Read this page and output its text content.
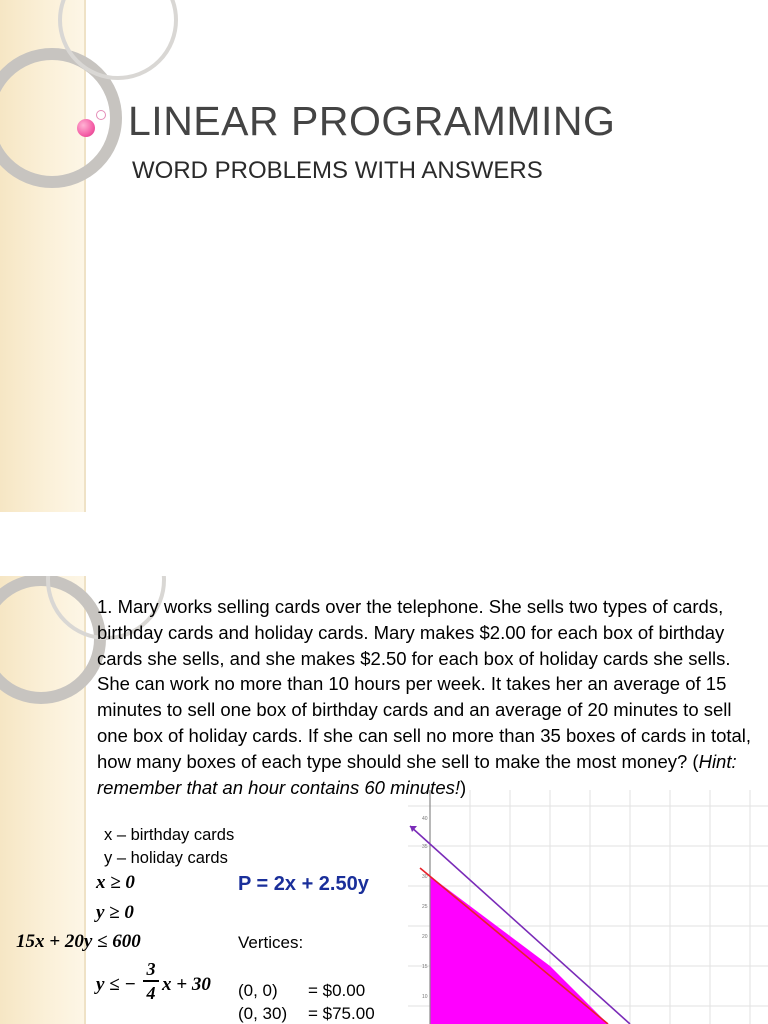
LINEAR PROGRAMMING

WORD PROBLEMS WITH ANSWERS

40
35
30
25
20
15
10

1. Mary works selling cards over the telephone. She sells two types of cards, birthday cards and holiday cards. Mary makes $2.00 for each box of birthday cards she sells, and she makes $2.50 for each box of holiday cards she sells. She can work no more than 10 hours per week. It takes her an average of 15 minutes to sell one box of birthday cards and an average of 20 minutes to sell one box of holiday cards. If she can sell no more than 35 boxes of cards in total, how many boxes of each type should she sell to make the most money? (Hint: remember that an hour contains 60 minutes!)

x – birthday cards
y – holiday cards
x ≥ 0
y ≥ 0
15x + 20y ≤ 600
y ≤ −
3
4 x + 30
P = 2x + 2.50y
Vertices:
(0, 0) = $0.00
(0, 30) = $75.00
